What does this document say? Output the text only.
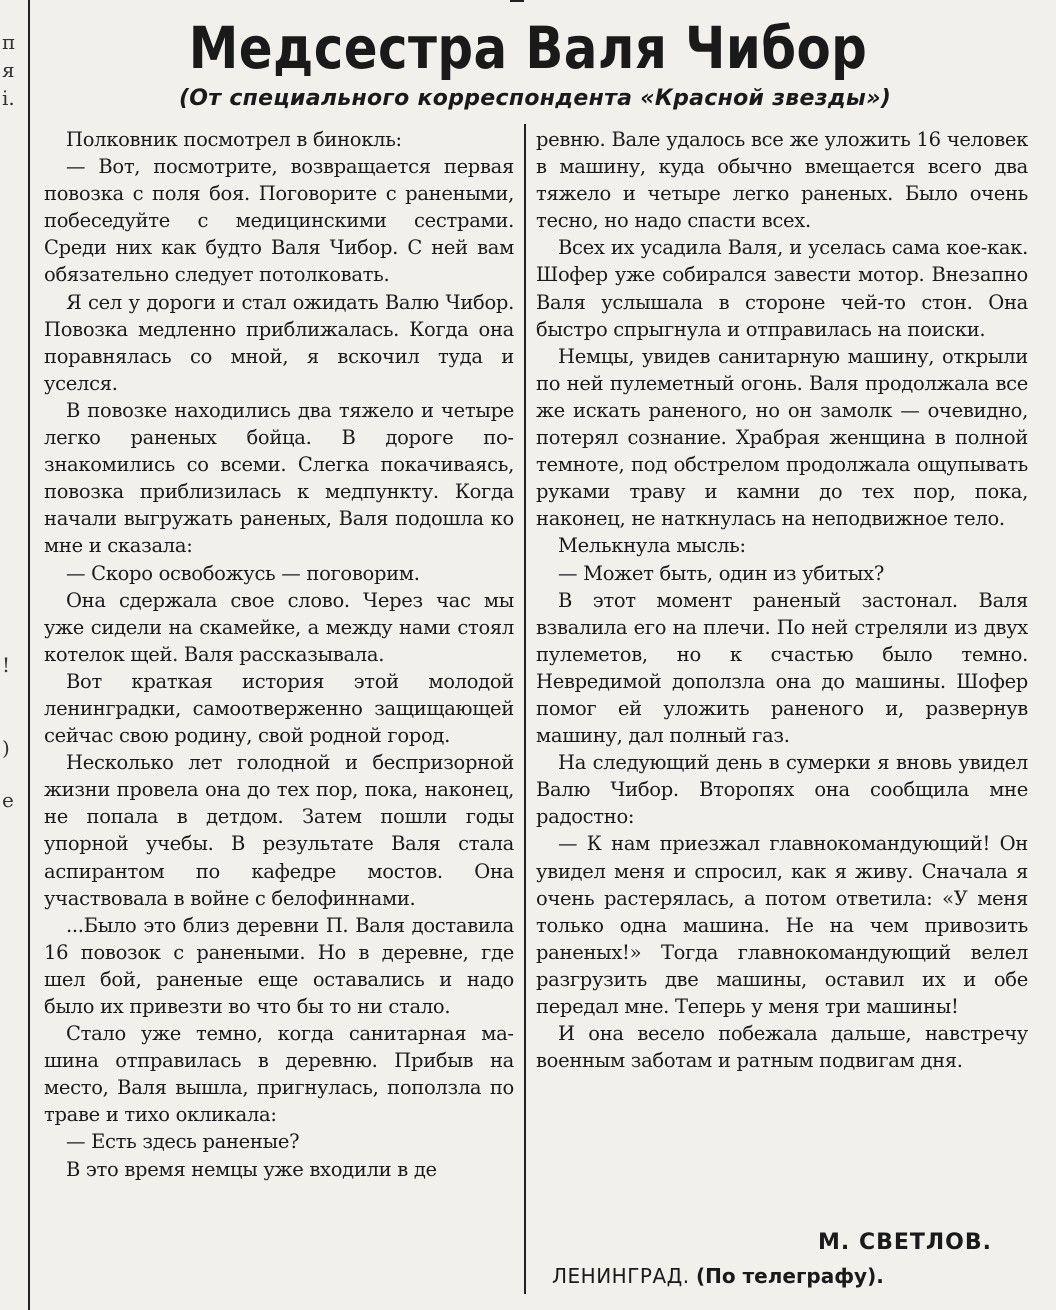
п
я
і.
!
)
е
Медсестра Валя Чибор
(От специального корреспондента «Красной звезды»)

Полковник посмотрел в бинокль:

— Вот, посмотрите, возвращается первая повозка с поля боя. Поговорите с ранеными, побеседуйте с медицинскими сестрами. Среди них как будто Валя Чибор. С ней вам обязательно следует потолковать.

Я сел у дороги и стал ожидать Валю Чибор. Повозка медленно приближалась. Когда она поравнялась со мной, я вскочил туда и уселся.

В повозке находились два тяжело и четыре легко раненых бойца. В дороге познакомились со всеми. Слегка покачиваясь, повозка приблизилась к медпункту. Когда начали выгружать раненых, Валя подошла ко мне и сказала:

— Скоро освобожусь — поговорим.

Она сдержала свое слово. Через час мы уже сидели на скамейке, а между нами стоял котелок щей. Валя рассказывала.

Вот краткая история этой молодой ленинградки, самоотверженно защищающей сейчас свою родину, свой родной город.

Несколько лет голодной и беспризорной жизни провела она до тех пор, пока, наконец, не попала в детдом. Затем пошли годы упорной учебы. В результате Валя стала аспирантом по кафедре мостов. Она участвовала в войне с белофиннами.

...Было это близ деревни П. Валя доставила 16 повозок с ранеными. Но в деревне, где шел бой, раненые еще оставались и надо было их привезти во что бы то ни стало.

Стало уже темно, когда санитарная машина отправилась в деревню. Прибыв на место, Валя вышла, пригнулась, поползла по траве и тихо окликала:

— Есть здесь раненые?

В это время немцы уже входили в де

ревню. Вале удалось все же уложить 16 человек в машину, куда обычно вмещается всего два тяжело и четыре легко раненых. Было очень тесно, но надо спасти всех.

Всех их усадила Валя, и уселась сама кое-как. Шофер уже собирался завести мотор. Внезапно Валя услышала в стороне чей-то стон. Она быстро спрыгнула и отправилась на поиски.

Немцы, увидев санитарную машину, открыли по ней пулеметный огонь. Валя продолжала все же искать раненого, но он замолк — очевидно, потерял сознание. Храбрая женщина в полной темноте, под обстрелом продолжала ощупывать руками траву и камни до тех пор, пока, наконец, не наткнулась на неподвижное тело.

Мелькнула мысль:

— Может быть, один из убитых?

В этот момент раненый застонал. Валя взвалила его на плечи. По ней стреляли из двух пулеметов, но к счастью было темно. Невредимой доползла она до машины. Шофер помог ей уложить раненого и, развернув машину, дал полный газ.

На следующий день в сумерки я вновь увидел Валю Чибор. Второпях она сообщила мне радостно:

— К нам приезжал главнокомандующий! Он увидел меня и спросил, как я живу. Сначала я очень растерялась, а потом ответила: «У меня только одна машина. Не на чем привозить раненых!» Тогда главнокомандующий велел разгрузить две машины, оставил их и обе передал мне. Теперь у меня три машины!

И она весело побежала дальше, навстречу военным заботам и ратным подвигам дня.

М. СВЕТЛОВ.
ЛЕНИНГРАД. (По телеграфу).
